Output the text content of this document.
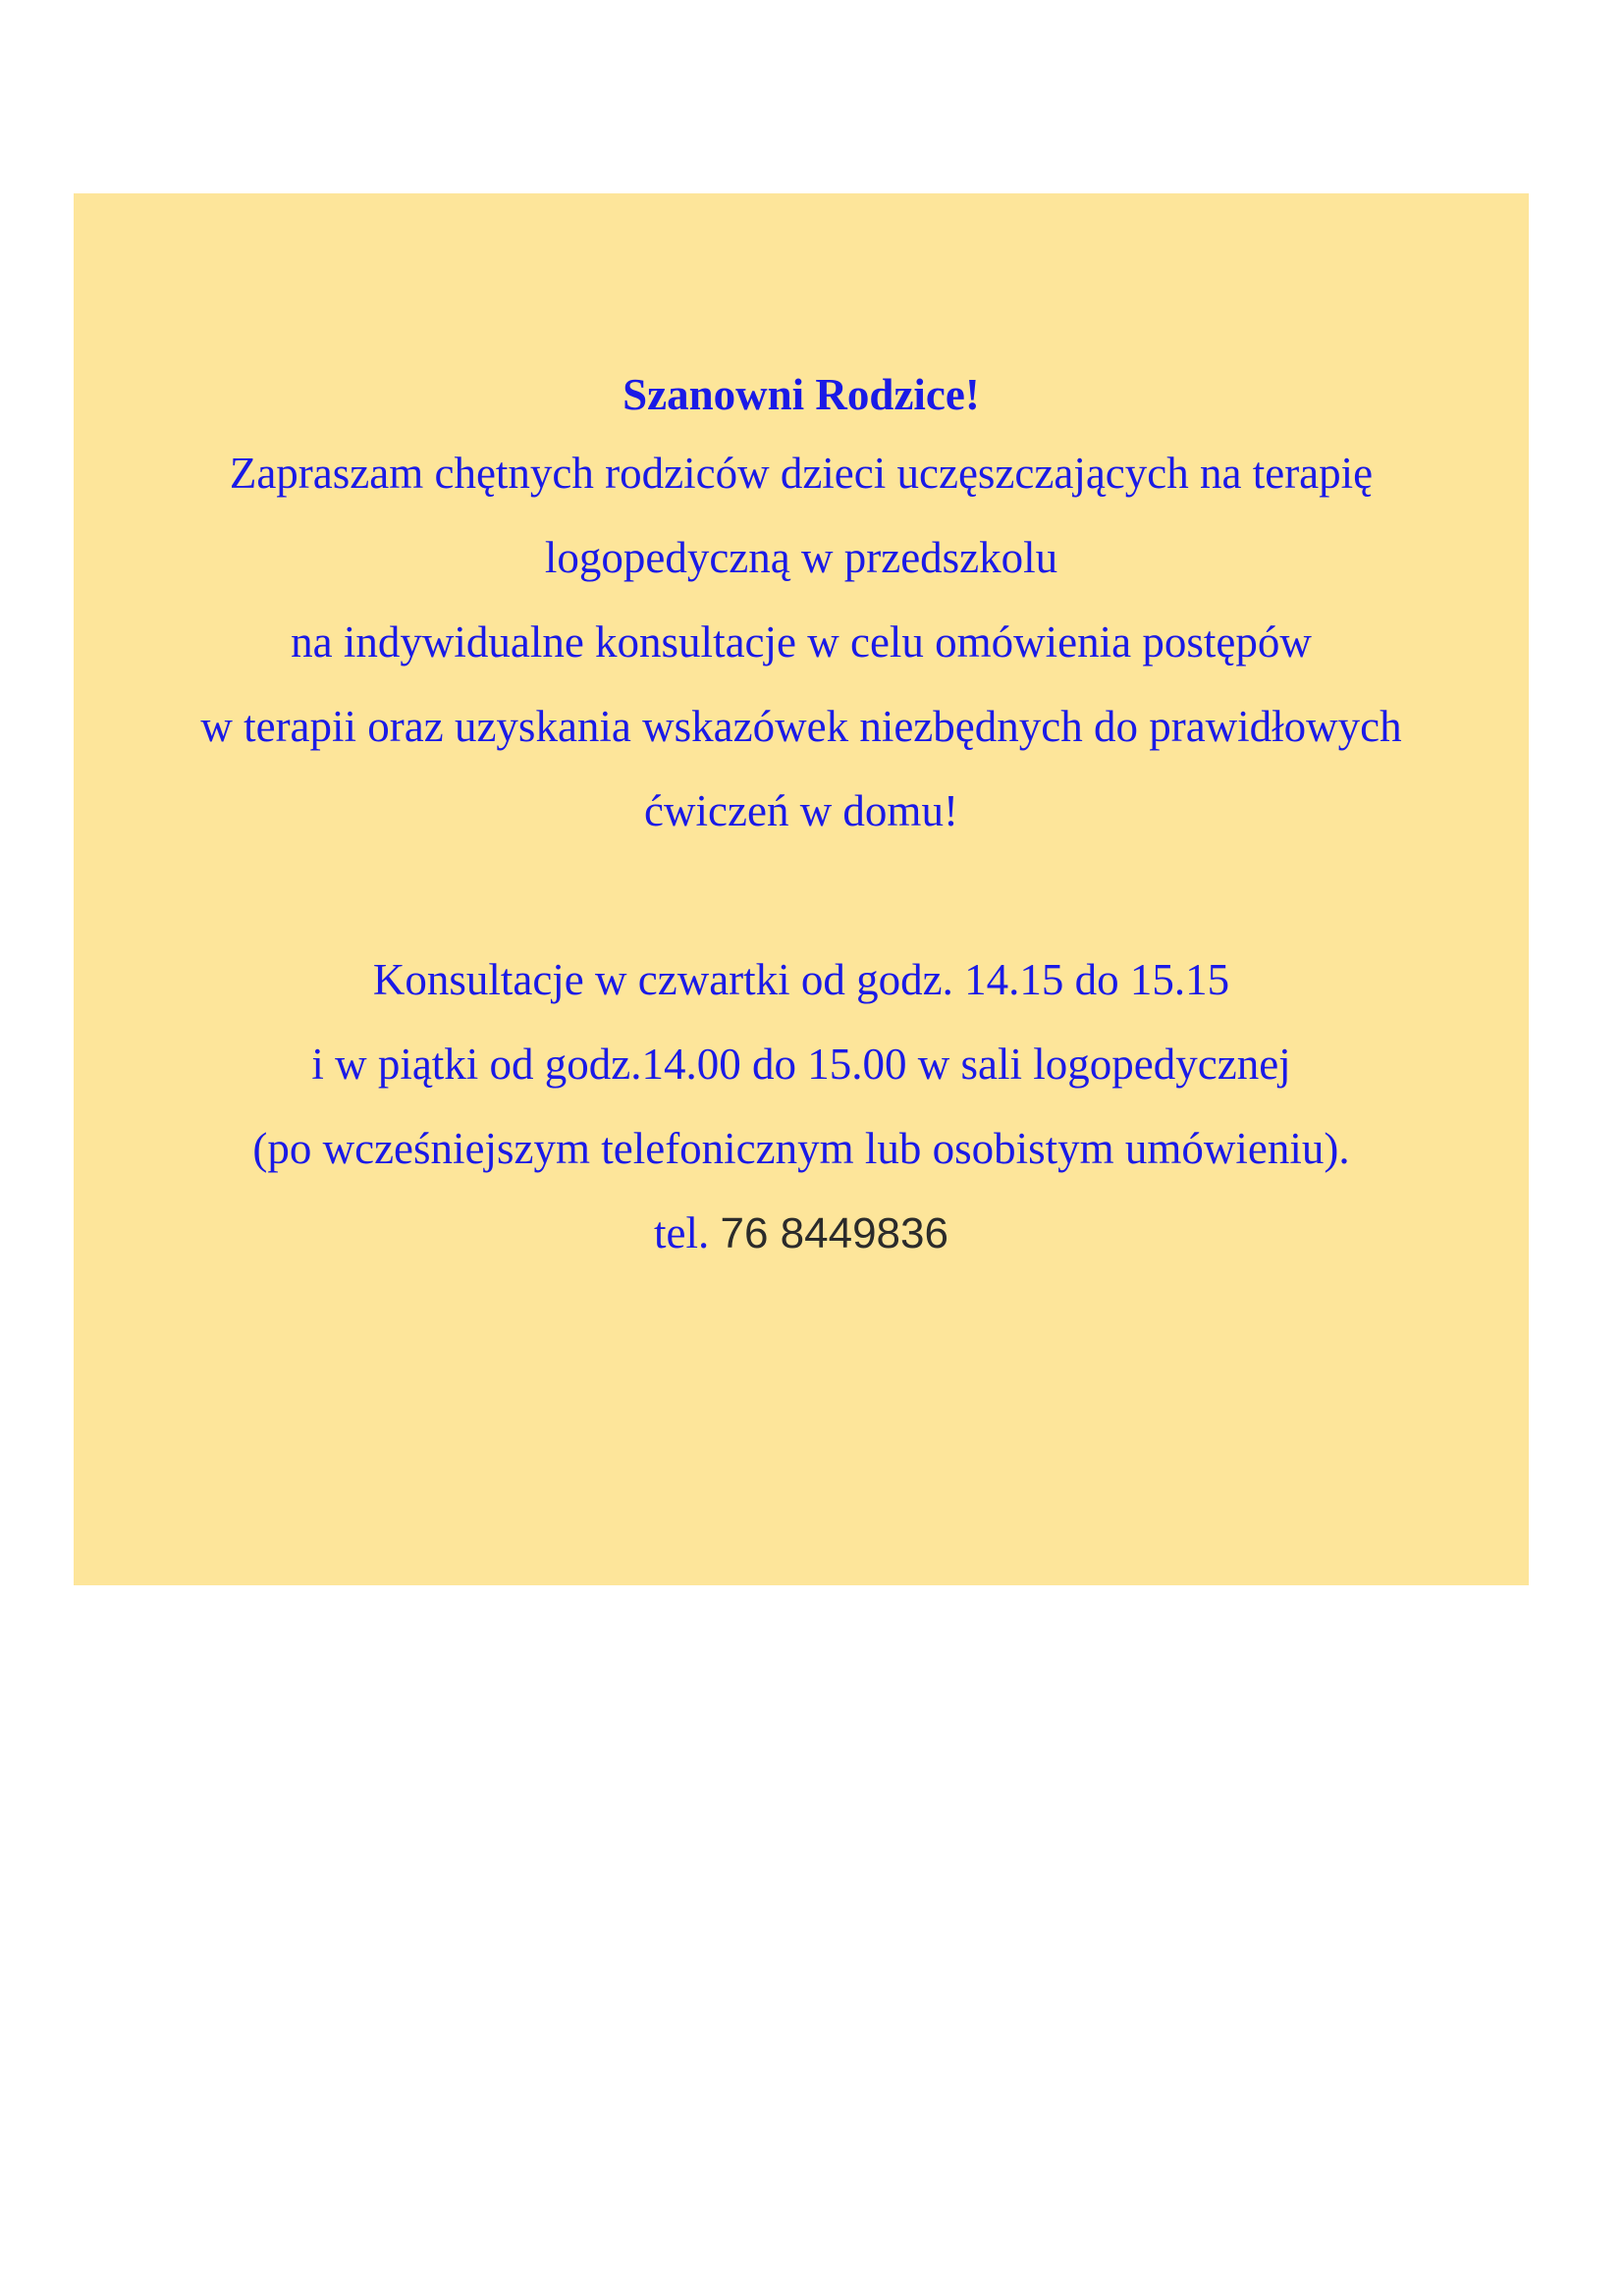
Szanowni Rodzice!

Zapraszam chętnych rodziców dzieci uczęszczających na terapię
logopedyczną w przedszkolu
na indywidualne konsultacje w celu omówienia postępów
w terapii oraz uzyskania wskazówek niezbędnych do prawidłowych
ćwiczeń w domu!
Konsultacje w czwartki od godz. 14.15 do 15.15
i w piątki od godz.14.00 do 15.00 w sali logopedycznej
(po wcześniejszym telefonicznym lub osobistym umówieniu).
tel. 76 8449836
